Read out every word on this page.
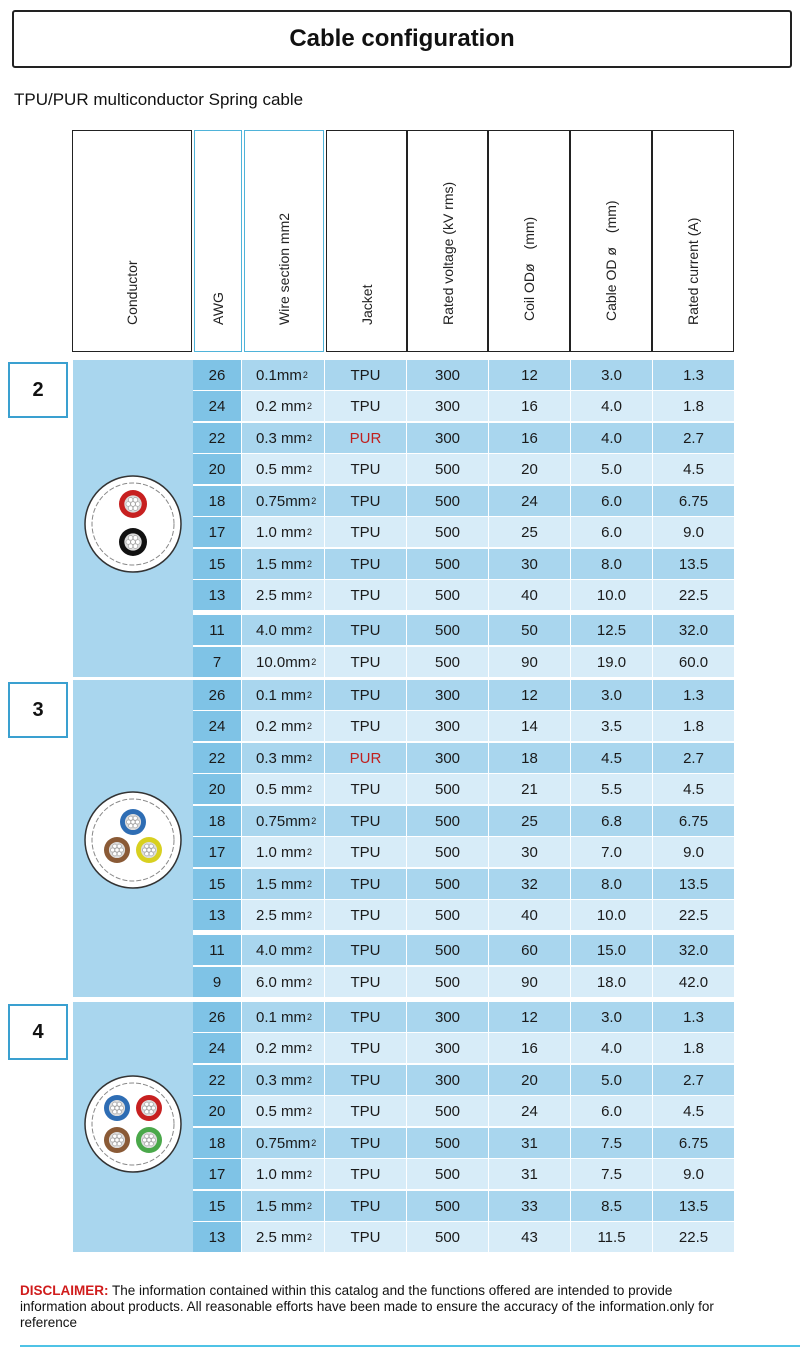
Cable configuration
TPU/PUR multiconductor Spring cable
Conductor	AWG	Wire section mm2	Jacket	Rated voltage (kV rms)	Coil ODø　(mm)	Cable OD ø　(mm)	Rated current (A)
2
26	0.1mm 2	TPU	300	12	3.0	1.3
24	0.2 mm 2	TPU	300	16	4.0	1.8
22	0.3 mm 2	PUR	300	16	4.0	2.7
20	0.5 mm 2	TPU	500	20	5.0	4.5
18	0.75mm 2	TPU	500	24	6.0	6.75
17	1.0 mm 2	TPU	500	25	6.0	9.0
15	1.5 mm 2	TPU	500	30	8.0	13.5
13	2.5 mm 2	TPU	500	40	10.0	22.5
11	4.0 mm 2	TPU	500	50	12.5	32.0
7	10.0mm 2	TPU	500	90	19.0	60.0
3
26	0.1 mm 2	TPU	300	12	3.0	1.3
24	0.2 mm 2	TPU	300	14	3.5	1.8
22	0.3 mm 2	PUR	300	18	4.5	2.7
20	0.5 mm 2	TPU	500	21	5.5	4.5
18	0.75mm 2	TPU	500	25	6.8	6.75
17	1.0 mm 2	TPU	500	30	7.0	9.0
15	1.5 mm 2	TPU	500	32	8.0	13.5
13	2.5 mm 2	TPU	500	40	10.0	22.5
11	4.0 mm 2	TPU	500	60	15.0	32.0
9	6.0 mm 2	TPU	500	90	18.0	42.0
4
26	0.1 mm 2	TPU	300	12	3.0	1.3
24	0.2 mm 2	TPU	300	16	4.0	1.8
22	0.3 mm 2	TPU	300	20	5.0	2.7
20	0.5 mm 2	TPU	500	24	6.0	4.5
18	0.75mm 2	TPU	500	31	7.5	6.75
17	1.0 mm 2	TPU	500	31	7.5	9.0
15	1.5 mm 2	TPU	500	33	8.5	13.5
13	2.5 mm 2	TPU	500	43	11.5	22.5
DISCLAIMER: The information contained within this catalog and the functions offered are intended to provide information about products. All reasonable efforts have been made to ensure the accuracy of the information.only for reference
